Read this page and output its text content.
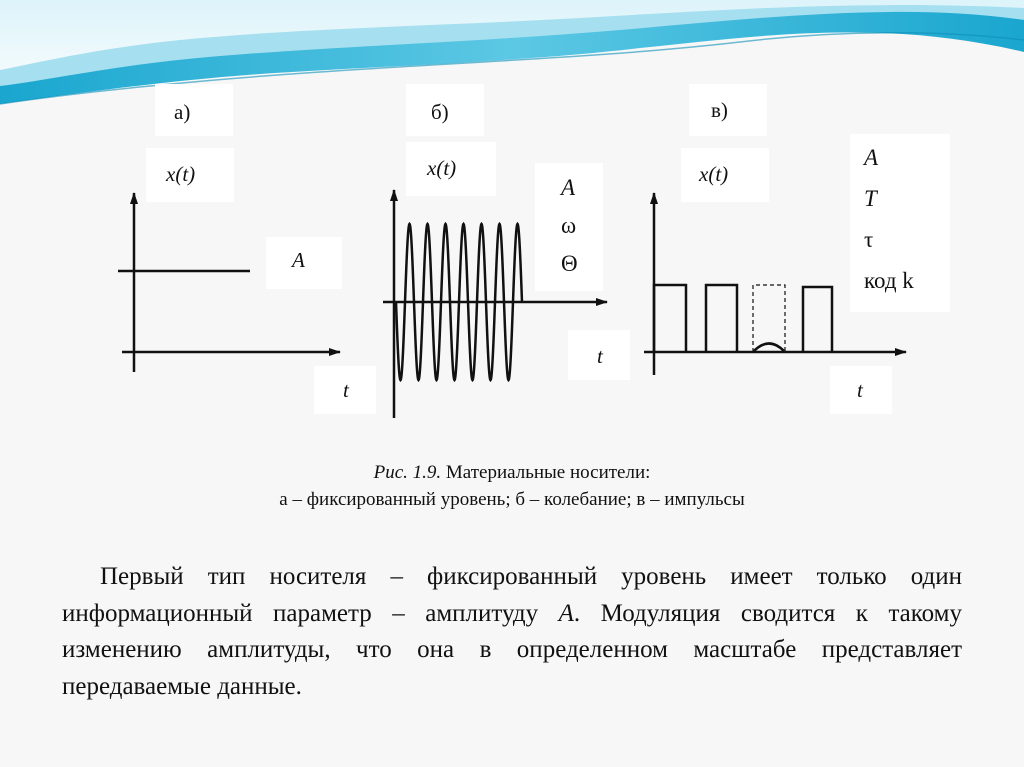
а)
x(t)
A
t
б)
x(t)
A
ω
Θ
t
в)
x(t)
A
T
τ
код k
t
Рис. 1.9. Материальные носители:
а – фиксированный уровень; б – колебание; в – импульсы
Первый тип носителя – фиксированный уровень имеет только один информационный параметр – амплитуду A. Модуляция сводится к такому изменению амплитуды, что она в определенном масштабе представляет передаваемые данные.
